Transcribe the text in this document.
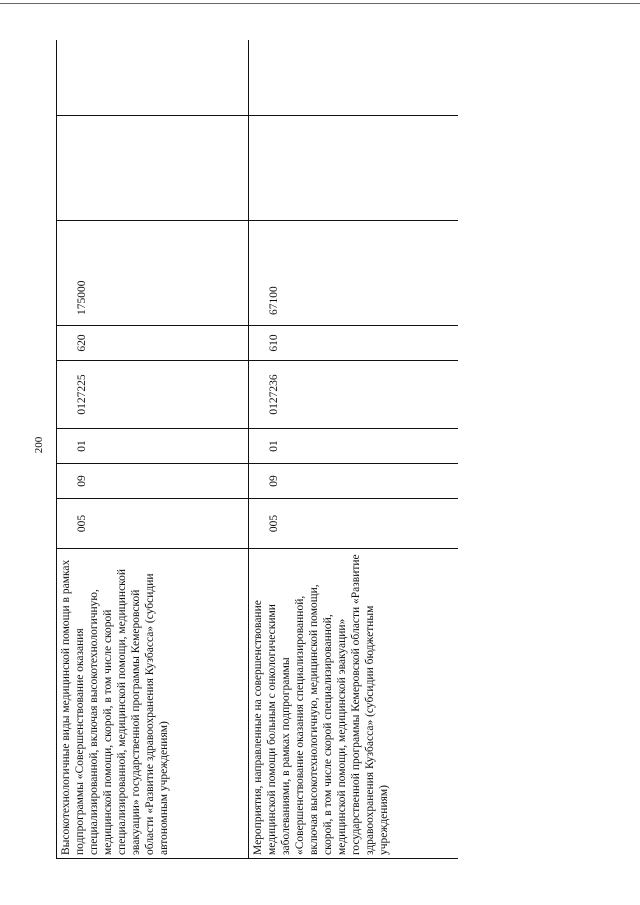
200
Высокотехнологичные виды медицинской помощи в рамках подпрограммы «Совершенствование оказания специализированной, включая высокотехнологичную, медицинской помощи, скорой, в том числе скорой специализированной, медицинской помощи, медицинской эвакуации» государственной программы Кемеровской области «Развитие здравоохранения Кузбасса» (субсидии автономным учреждениям)	005	09	01	0127225	620	175000		

Мероприятия, направленные на совершенствование медицинской помощи больным с онкологическими заболеваниями, в рамках подпрограммы «Совершенствование оказания специализированной, включая высокотехнологичную, медицинской помощи, скорой, в том числе скорой специализированной, медицинской помощи, медицинской эвакуации» государственной программы Кемеровской области «Развитие здравоохранения Кузбасса» (субсидии бюджетным учреждениям)	005	09	01	0127236	610	67100		
